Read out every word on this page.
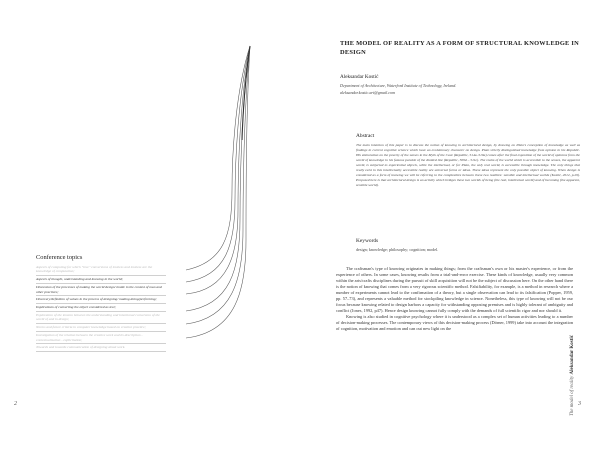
2	3
Conference topics
Aspects of computing for which "true" conversions of lossless and lossless are the knowledge of computation;
Aspects of thought, understanding and knowing in the world;
Discussion of the processes of making the world design/ inside in the context of man and other practices;
Discovery/definition of values in the process of designing/ making doing/performing;
Implications of converting the object considered as text;
Exploration of the tension between the understanding and intentional conversion of the world of and in design;
Norms and future criteria in computer knowledge based on creative practice;
Investigation of the relation between the creative work and its description - contextualisation - explicitation;
Towards and towards communication of designing about work.
THE MODEL OF REALITY AS A FORM OF STRUCTURAL KNOWLEDGE IN DESIGN
Aleksandar Kostić
Department of Architecture, Waterford Institute of Technology, Ireland.
aleksandar.kostic.art@gmail.com
Abstract

The main intention of this paper is to discuss the notion of knowing in architectural design, by drawing on Plato's conception of knowledge as well as findings in current cognitive science which have an evolutionary character on design. Plato strictly distinguished knowledge from opinion in his Republic. His elaboration on the poverty of the senses in the Myth of the Cave (Republic, 514a–519a) comes after the final exposition of the world of opinions from the world of knowledge in his famous parable of the divided line (Republic, 509d – 511e). The realm of the world which is accessible to the senses, the apparent world, is subjected to experiential objects, while the intellectual, or for Plato, the only real world, is accessible through knowledge. The only things that really exist in this intellectually accessible reality are universal forms or ideas. These ideas represent the only possible object of knowing. When design is considered as a form of knowing we will be referring to the complexities between these two realities: sensible and intellectual worlds (Kostić, 2012, p.29). Proposed here is that architectural design is an activity which bridges these two worlds of being (the real, intellectual world) and of becoming (the apparent, sensible world).

Keywords

design; knowledge; philosophy; cognition; model.

The craftsman's type of knowing originates in making things; from the craftsman's own or his master's experience, or from the experience of others. In some cases, knowing results from a trial-and-error exercise. These kinds of knowledge, usually very common within the arts/crafts disciplines during the pursuit of skill acquisition will not be the subject of discussion here. On the other hand there is the notion of knowing that comes from a very rigorous scientific method. Falsifiability, for example, is a method in research where a number of experiments cannot lead to the confirmation of a theory, but a single observation can lead to its falsification (Popper, 1959, pp. 57–73), and represents a valuable method for stockpiling knowledge in science. Nonetheless, this type of knowing will not be our focus because knowing related to design harbors a capacity for withstanding opposing premises and is highly tolerant of ambiguity and conflict (Jones, 1992, p47). Hence design knowing cannot fully comply with the demands of full scientific rigor and nor should it.

Knowing is also studied in cognitive psychology where it is understood as a complex set of human activities leading to a number of decision-making processes. The contemporary views of this decision-making process (Dörner, 1999) take into account the integration of cognition, motivation and emotion and can out new light on the

The model of reality Aleksandar Kostić
